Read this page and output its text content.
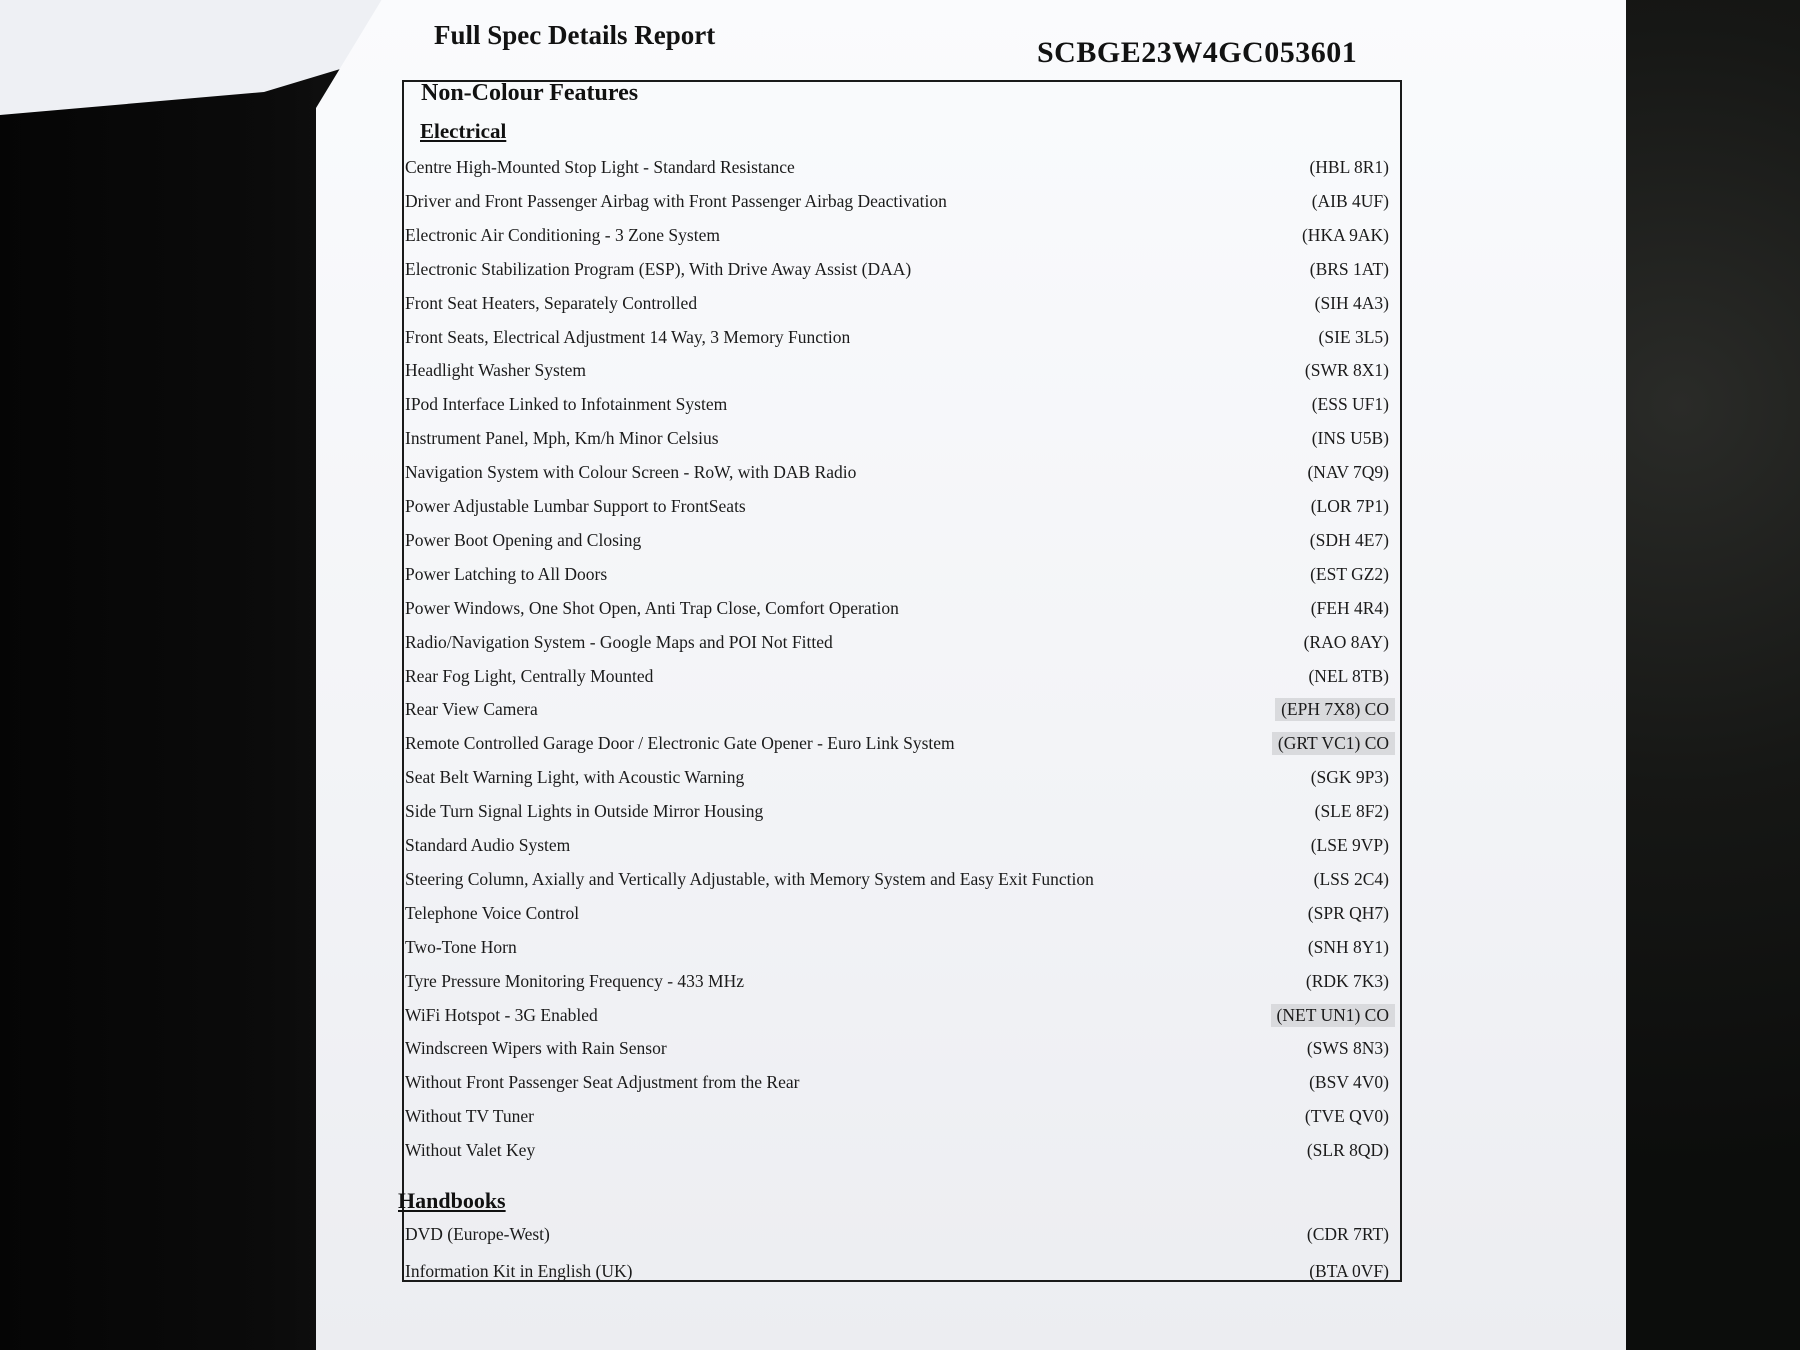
Full Spec Details Report
SCBGE23W4GC053601
Non-Colour Features
Electrical
Handbooks
Centre High-Mounted Stop Light - Standard Resistance	(HBL 8R1)
Driver and Front Passenger Airbag with Front Passenger Airbag Deactivation	(AIB 4UF)
Electronic Air Conditioning - 3 Zone System	(HKA 9AK)
Electronic Stabilization Program (ESP), With Drive Away Assist (DAA)	(BRS 1AT)
Front Seat Heaters, Separately Controlled	(SIH 4A3)
Front Seats, Electrical Adjustment 14 Way, 3 Memory Function	(SIE 3L5)
Headlight Washer System	(SWR 8X1)
IPod Interface Linked to Infotainment System	(ESS UF1)
Instrument Panel, Mph, Km/h Minor Celsius	(INS U5B)
Navigation System with Colour Screen - RoW, with DAB Radio	(NAV 7Q9)
Power Adjustable Lumbar Support to FrontSeats	(LOR 7P1)
Power Boot Opening and Closing	(SDH 4E7)
Power Latching to All Doors	(EST GZ2)
Power Windows, One Shot Open, Anti Trap Close, Comfort Operation	(FEH 4R4)
Radio/Navigation System - Google Maps and POI Not Fitted	(RAO 8AY)
Rear Fog Light, Centrally Mounted	(NEL 8TB)
Rear View Camera	(EPH 7X8) CO
Remote Controlled Garage Door / Electronic Gate Opener - Euro Link System	(GRT VC1) CO
Seat Belt Warning Light, with Acoustic Warning	(SGK 9P3)
Side Turn Signal Lights in Outside Mirror Housing	(SLE 8F2)
Standard Audio System	(LSE 9VP)
Steering Column, Axially and Vertically Adjustable, with Memory System and Easy Exit Function	(LSS 2C4)
Telephone Voice Control	(SPR QH7)
Two-Tone Horn	(SNH 8Y1)
Tyre Pressure Monitoring Frequency - 433 MHz	(RDK 7K3)
WiFi Hotspot - 3G Enabled	(NET UN1) CO
Windscreen Wipers with Rain Sensor	(SWS 8N3)
Without Front Passenger Seat Adjustment from the Rear	(BSV 4V0)
Without TV Tuner	(TVE QV0)
Without Valet Key	(SLR 8QD)
DVD (Europe-West)	(CDR 7RT)
Information Kit in English (UK)	(BTA 0VF)
